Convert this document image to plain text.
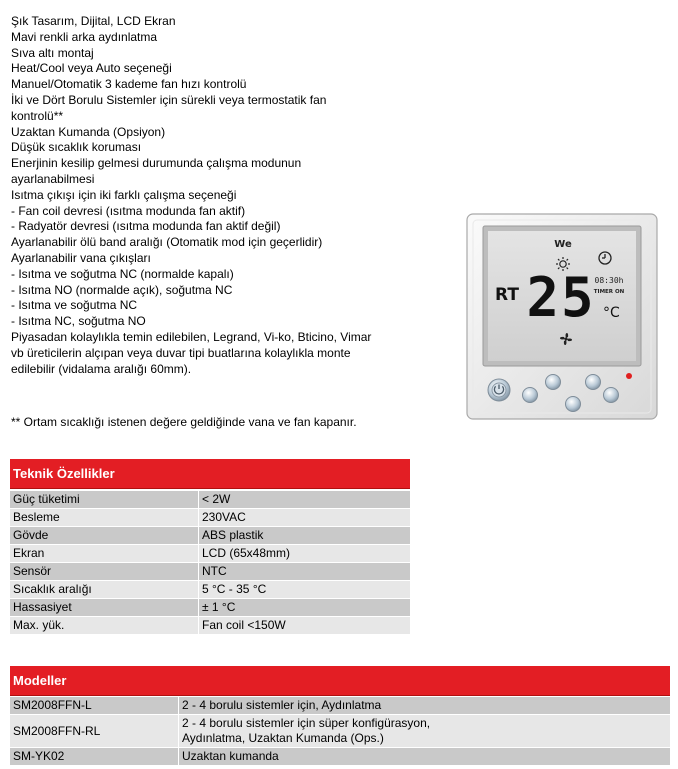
Şık Tasarım, Dijital, LCD Ekran
Mavi renkli arka aydınlatma
Sıva altı montaj
Heat/Cool veya Auto seçeneği
Manuel/Otomatik 3 kademe fan hızı kontrolü
İki ve Dört Borulu Sistemler için sürekli veya termostatik fan
kontrolü**
Uzaktan Kumanda (Opsiyon)
Düşük sıcaklık koruması
Enerjinin kesilip gelmesi durumunda çalışma modunun
ayarlanabilmesi
Isıtma çıkışı için iki farklı çalışma seçeneği
- Fan coil devresi (ısıtma modunda fan aktif)
- Radyatör devresi (ısıtma modunda fan aktif değil)
Ayarlanabilir ölü band aralığı (Otomatik mod için geçerlidir)
Ayarlanabilir vana çıkışları
- Isıtma ve soğutma NC (normalde kapalı)
- Isıtma NO (normalde açık), soğutma NC
- Isıtma ve soğutma NC
- Isıtma NC, soğutma NO
Piyasadan kolaylıkla temin edilebilen, Legrand, Vi-ko, Bticino, Vimar
vb üreticilerin alçıpan veya duvar tipi buatlarına kolaylıkla monte
edilebilir (vidalama aralığı 60mm).
** Ortam sıcaklığı istenen değere geldiğinde vana ve fan kapanır.
We
RT 25 08:30h
TIMER ON
°C
Teknik Özellikler
Güç tüketimi	< 2W
Besleme	230VAC
Gövde	ABS plastik
Ekran	LCD (65x48mm)
Sensör	NTC
Sıcaklık aralığı	5 °C - 35 °C
Hassasiyet	± 1 °C
Max. yük.	Fan coil <150W
Modeller
SM2008FFN-L	2 - 4 borulu sistemler için, Aydınlatma
SM2008FFN-RL	2 - 4 borulu sistemler için süper konfigürasyon, Aydınlatma, Uzaktan Kumanda (Ops.)

SM-YK02	Uzaktan kumanda
